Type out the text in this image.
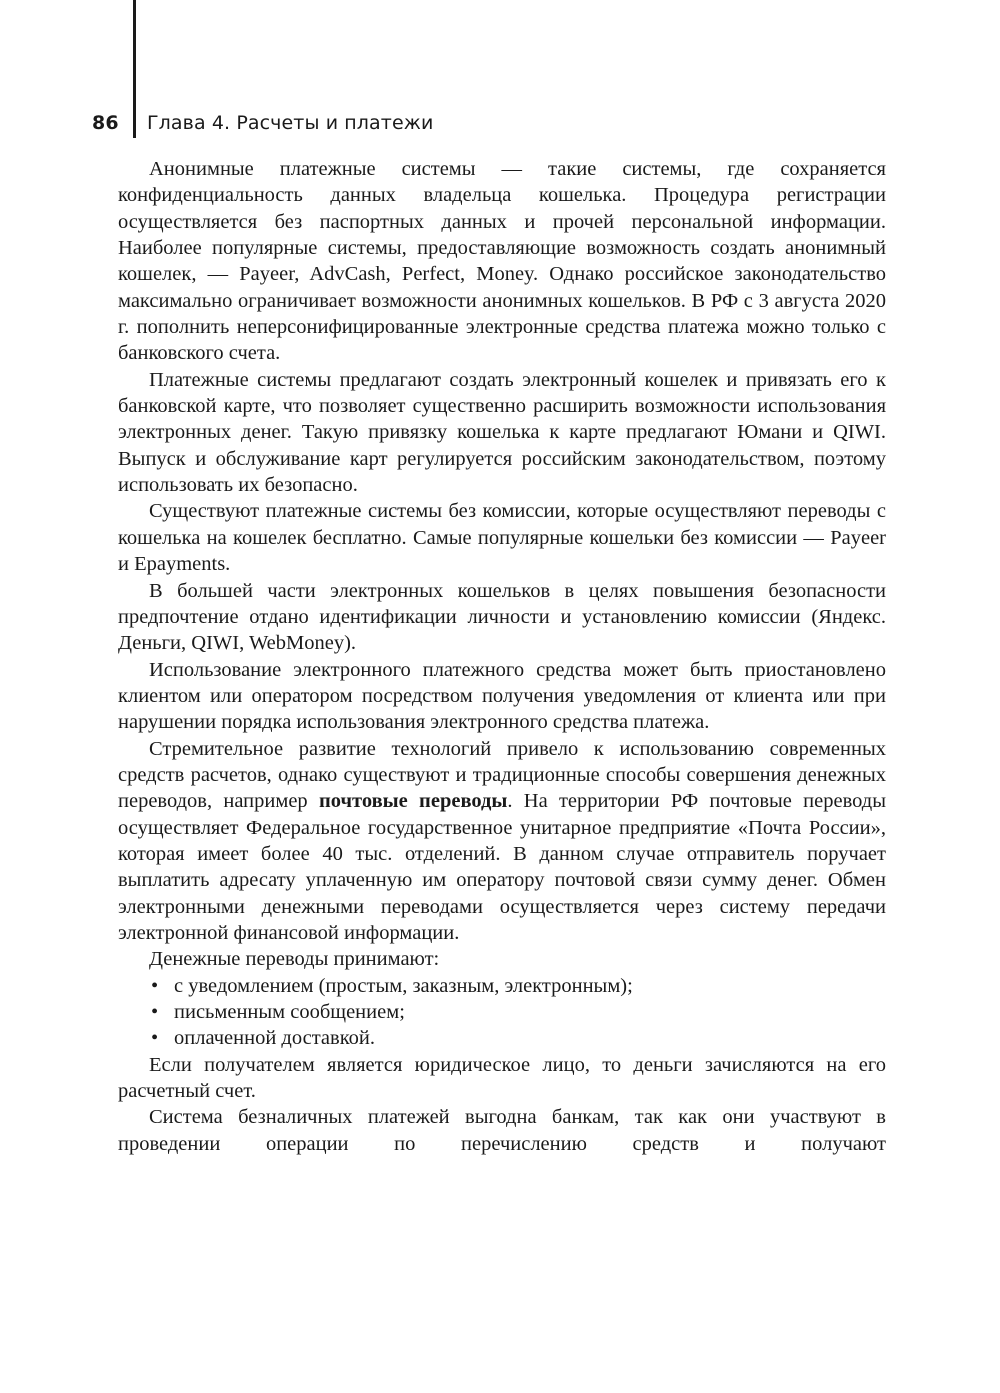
86	Глава 4. Расчеты и платежи

Анонимные платежные системы — такие системы, где сохраняется конфиденциальность данных владельца кошелька. Процедура регистрации осуществляется без паспортных данных и прочей персональной информации. Наиболее популярные системы, предоставляющие возможность создать анонимный кошелек, — Payeer, AdvCash, Perfect, Money. Однако российское законодательство максимально ограничивает возможности анонимных кошельков. В РФ с 3 августа 2020 г. пополнить неперсонифицированные электронные средства платежа можно только с банковского счета.

Платежные системы предлагают создать электронный кошелек и привязать его к банковской карте, что позволяет существенно расширить возможности использования электронных денег. Такую привязку кошелька к карте предлагают Юмани и QIWI. Выпуск и обслуживание карт регулируется российским законодательством, поэтому использовать их безопасно.

Существуют платежные системы без комиссии, которые осуществляют переводы с кошелька на кошелек бесплатно. Самые популярные кошельки без комиссии — Payeer и Epayments.

В большей части электронных кошельков в целях повышения безопасности предпочтение отдано идентификации личности и установлению комиссии (Яндекс. Деньги, QIWI, WebMoney).

Использование электронного платежного средства может быть приостановлено клиентом или оператором посредством получения уведомления от клиента или при нарушении порядка использования электронного средства платежа.

Стремительное развитие технологий привело к использованию современных средств расчетов, однако существуют и традиционные способы совершения денежных переводов, например почтовые переводы. На территории РФ почтовые переводы осуществляет Федеральное государственное унитарное предприятие «Почта России», которая имеет более 40 тыс. отделений. В данном случае отправитель поручает выплатить адресату уплаченную им оператору почтовой связи сумму денег. Обмен электронными денежными переводами осуществляется через систему передачи электронной финансовой информации.

Денежные переводы принимают:

• с уведомлением (простым, заказным, электронным);
• письменным сообщением;
• оплаченной доставкой.

Если получателем является юридическое лицо, то деньги зачисляются на его расчетный счет.

Система безналичных платежей выгодна банкам, так как они участвуют в проведении операции по перечислению средств и получают
